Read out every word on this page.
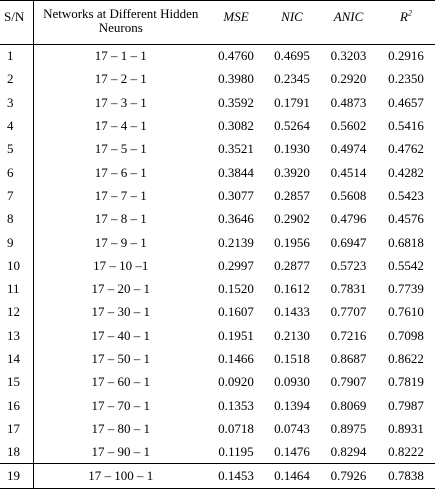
S/N	Networks at Different Hidden Neurons	MSE	NIC	ANIC	$R^2$
1	17 – 1 – 1	0.4760	0.4695	0.3203	0.2916
2	17 – 2 – 1	0.3980	0.2345	0.2920	0.2350
3	17 – 3 – 1	0.3592	0.1791	0.4873	0.4657
4	17 – 4 – 1	0.3082	0.5264	0.5602	0.5416
5	17 – 5 – 1	0.3521	0.1930	0.4974	0.4762
6	17 – 6 – 1	0.3844	0.3920	0.4514	0.4282
7	17 – 7 – 1	0.3077	0.2857	0.5608	0.5423
8	17 – 8 – 1	0.3646	0.2902	0.4796	0.4576
9	17 – 9 – 1	0.2139	0.1956	0.6947	0.6818
10	17 – 10 –1	0.2997	0.2877	0.5723	0.5542
11	17 – 20 – 1	0.1520	0.1612	0.7831	0.7739
12	17 – 30 – 1	0.1607	0.1433	0.7707	0.7610
13	17 – 40 – 1	0.1951	0.2130	0.7216	0.7098
14	17 – 50 – 1	0.1466	0.1518	0.8687	0.8622
15	17 – 60 – 1	0.0920	0.0930	0.7907	0.7819
16	17 – 70 – 1	0.1353	0.1394	0.8069	0.7987
17	17 – 80 – 1	0.0718	0.0743	0.8975	0.8931
18	17 – 90 – 1	0.1195	0.1476	0.8294	0.8222
19	17 – 100 – 1	0.1453	0.1464	0.7926	0.7838
